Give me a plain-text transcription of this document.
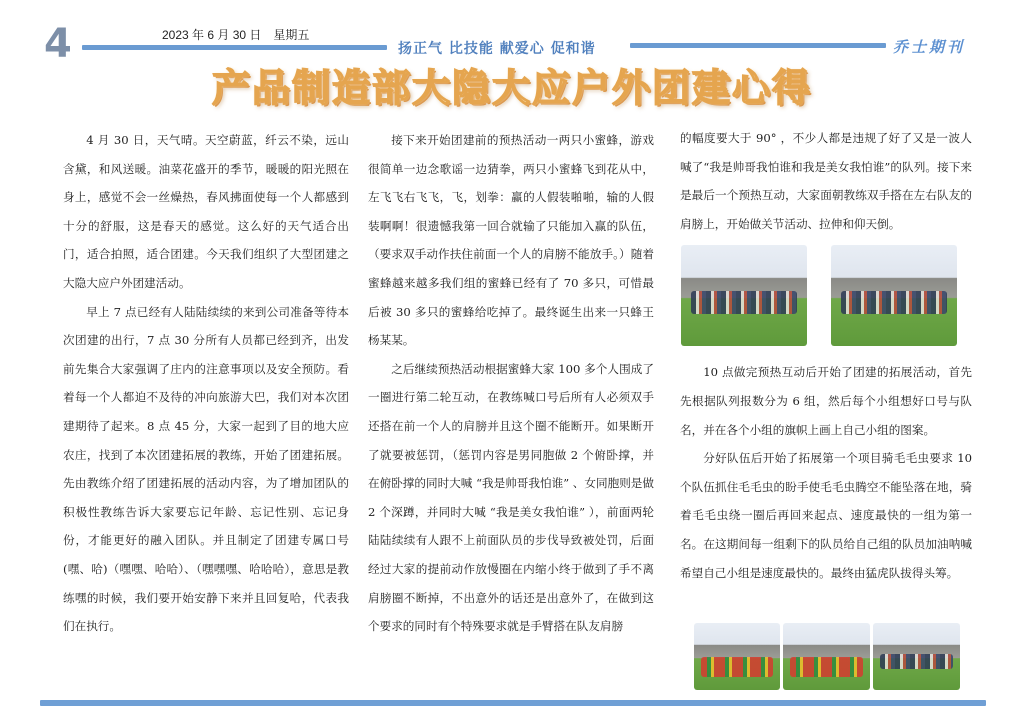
4	2023 年 6 月 30 日　星期五
扬正气 比技能 献爱心 促和谐	乔士期刊
产品制造部大隐大应户外团建心得

4 月 30 日，天气晴。天空蔚蓝，纤云不染，远山含黛，和风送暖。油菜花盛开的季节，暖暖的阳光照在身上，感觉不会一丝燥热，春风拂面使每一个人都感到十分的舒服，这是春天的感觉。这么好的天气适合出门，适合拍照，适合团建。今天我们组织了大型团建之大隐大应户外团建活动。

早上 7 点已经有人陆陆续续的来到公司准备等待本次团建的出行，7 点 30 分所有人员都已经到齐，出发前先集合大家强调了庄内的注意事项以及安全预防。看着每一个人都迫不及待的冲向旅游大巴，我们对本次团建期待了起来。8 点 45 分，大家一起到了目的地大应农庄，找到了本次团建拓展的教练，开始了团建拓展。先由教练介绍了团建拓展的活动内容，为了增加团队的积极性教练告诉大家要忘记年龄、忘记性别、忘记身份，才能更好的融入团队。并且制定了团建专属口号(嘿、哈)（嘿嘿、哈哈）、（嘿嘿嘿、哈哈哈），意思是教练嘿的时候，我们要开始安静下来并且回复哈，代表我们在执行。

接下来开始团建前的预热活动一两只小蜜蜂，游戏很简单一边念歌谣一边猜拳，两只小蜜蜂飞到花从中，左飞飞右飞飞，飞，划拳：赢的人假装啪啪，输的人假装啊啊！很遗憾我第一回合就输了只能加入赢的队伍，（要求双手动作扶住前面一个人的肩膀不能放手。）随着蜜蜂越来越多我们组的蜜蜂已经有了 70 多只，可惜最后被 30 多只的蜜蜂给吃掉了。最终诞生出来一只蜂王杨某某。

之后继续预热活动根据蜜蜂大家 100 多个人围成了一圈进行第二轮互动，在教练喊口号后所有人必须双手还搭在前一个人的肩膀并且这个圈不能断开。如果断开了就要被惩罚，（惩罚内容是男同胞做 2 个俯卧撑，并在俯卧撑的同时大喊 “我是帅哥我怕谁” 、女同胞则是做 2 个深蹲，并同时大喊 “我是美女我怕谁” ），前面两轮陆陆续续有人跟不上前面队员的步伐导致被处罚，后面经过大家的提前动作放慢圈在内缩小终于做到了手不离肩膀圈不断掉，不出意外的话还是出意外了，在做到这个要求的同时有个特殊要求就是手臂搭在队友肩膀

的幅度要大于 90° ，不少人都是违规了好了又是一波人喊了“我是帅哥我怕谁和我是美女我怕谁”的队列。接下来是最后一个预热互动，大家面朝教练双手搭在左右队友的肩膀上，开始做关节活动、拉伸和仰天倒。

10 点做完预热互动后开始了团建的拓展活动，首先先根据队列报数分为 6 组，然后每个小组想好口号与队名，并在各个小组的旗帜上画上自己小组的图案。

分好队伍后开始了拓展第一个项目骑毛毛虫要求 10 个队伍抓住毛毛虫的盼手使毛毛虫腾空不能坠落在地，骑着毛毛虫绕一圈后再回来起点、速度最快的一组为第一名。在这期间每一组剩下的队员给自己组的队员加油呐喊希望自己小组是速度最快的。最终由猛虎队拔得头筹。
